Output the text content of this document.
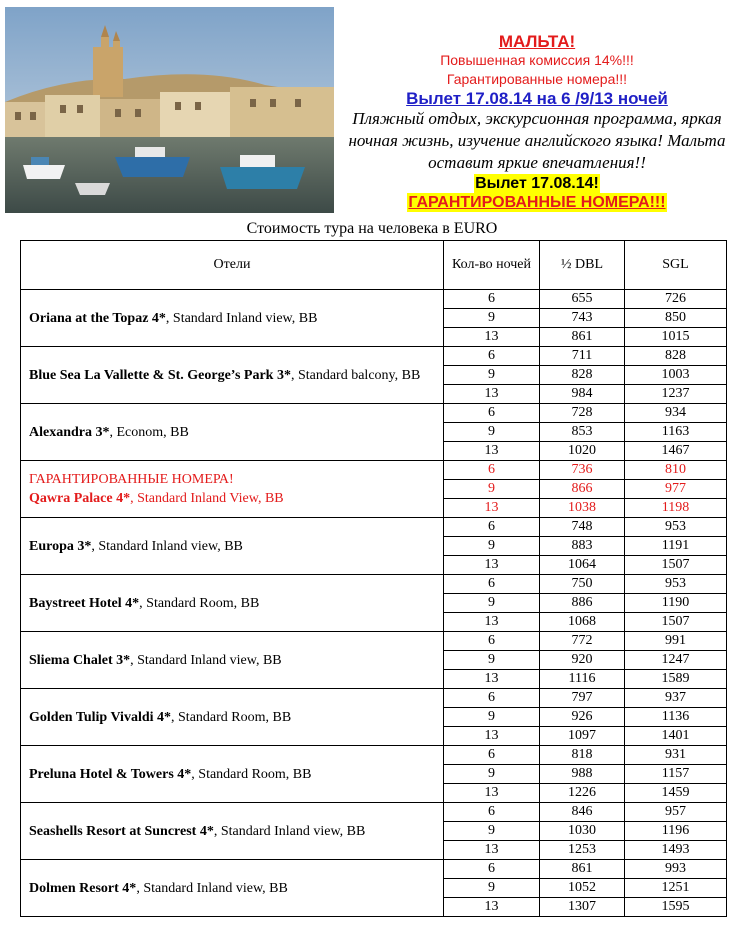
МАЛЬТА!
Повышенная комиссия 14%!!!
Гарантированные номера!!!
Вылет 17.08.14 на 6 /9/13 ночей
Пляжный отдых, экскурсионная программа, яркая ночная жизнь, изучение английского языка! Мальта оставит яркие впечатления!!
Вылет 17.08.14!
ГАРАНТИРОВАННЫЕ НОМЕРА!!!
Стоимость тура на человека в EURO
Отели	Кол-во ночей	½ DBL	SGL

Oriana at the Topaz 4*, Standard Inland view, BB	6	655	726
	9	743	850
	13	861	1015

Blue Sea La Vallette & St. George’s Park 3*, Standard balcony, BB	6	711	828
	9	828	1003
	13	984	1237

Alexandra 3*, Econom, BB	6	728	934
	9	853	1163
	13	1020	1467

ГАРАНТИРОВАННЫЕ НОМЕРА!
Qawra Palace 4*, Standard Inland View, BB	6	736	810
	9	866	977
	13	1038	1198

Europa 3*, Standard Inland view, BB	6	748	953
	9	883	1191
	13	1064	1507

Baystreet Hotel 4*, Standard Room, BB	6	750	953
	9	886	1190
	13	1068	1507

Sliema Chalet 3*, Standard Inland view, BB	6	772	991
	9	920	1247
	13	1116	1589

Golden Tulip Vivaldi 4*, Standard Room, BB	6	797	937
	9	926	1136
	13	1097	1401

Preluna Hotel & Towers 4*, Standard Room, BB	6	818	931
	9	988	1157
	13	1226	1459

Seashells Resort at Suncrest 4*, Standard Inland view, BB	6	846	957
	9	1030	1196
	13	1253	1493

Dolmen Resort 4*, Standard Inland view, BB	6	861	993
	9	1052	1251
	13	1307	1595
